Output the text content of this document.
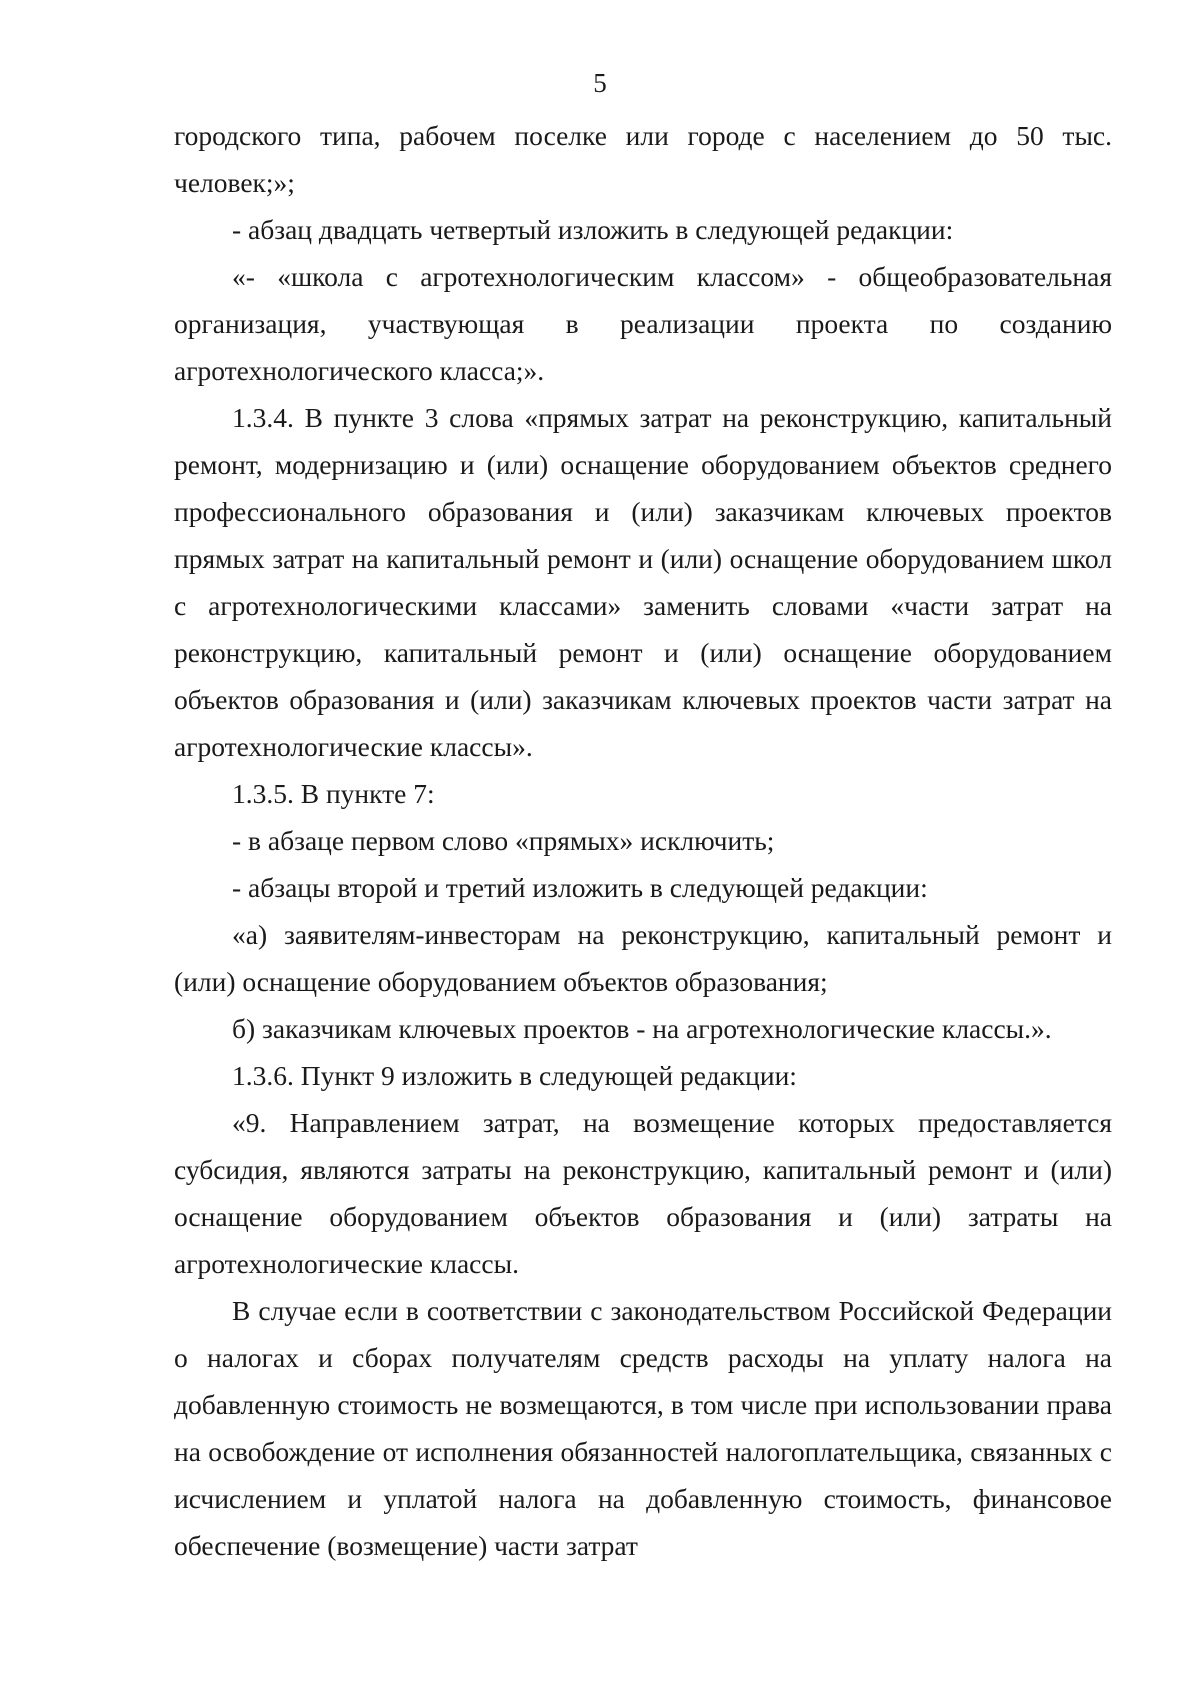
5

городского типа, рабочем поселке или городе с населением до 50 тыс. человек;»;

- абзац двадцать четвертый изложить в следующей редакции:

«- «школа с агротехнологическим классом» - общеобразовательная организация, участвующая в реализации проекта по созданию агротехнологического класса;».

1.3.4. В пункте 3 слова «прямых затрат на реконструкцию, капитальный ремонт, модернизацию и (или) оснащение оборудованием объектов среднего профессионального образования и (или) заказчикам ключевых проектов прямых затрат на капитальный ремонт и (или) оснащение оборудованием школ с агротехнологическими классами» заменить словами «части затрат на реконструкцию, капитальный ремонт и (или) оснащение оборудованием объектов образования и (или) заказчикам ключевых проектов части затрат на агротехнологические классы».

1.3.5. В пункте 7:

- в абзаце первом слово «прямых» исключить;

- абзацы второй и третий изложить в следующей редакции:

«а) заявителям-инвесторам на реконструкцию, капитальный ремонт и (или) оснащение оборудованием объектов образования;

б) заказчикам ключевых проектов - на агротехнологические классы.».

1.3.6. Пункт 9 изложить в следующей редакции:

«9. Направлением затрат, на возмещение которых предоставляется субсидия, являются затраты на реконструкцию, капитальный ремонт и (или) оснащение оборудованием объектов образования и (или) затраты на агротехнологические классы.

В случае если в соответствии с законодательством Российской Федерации о налогах и сборах получателям средств расходы на уплату налога на добавленную стоимость не возмещаются, в том числе при использовании права на освобождение от исполнения обязанностей налогоплательщика, связанных с исчислением и уплатой налога на добавленную стоимость, финансовое обеспечение (возмещение) части затрат
